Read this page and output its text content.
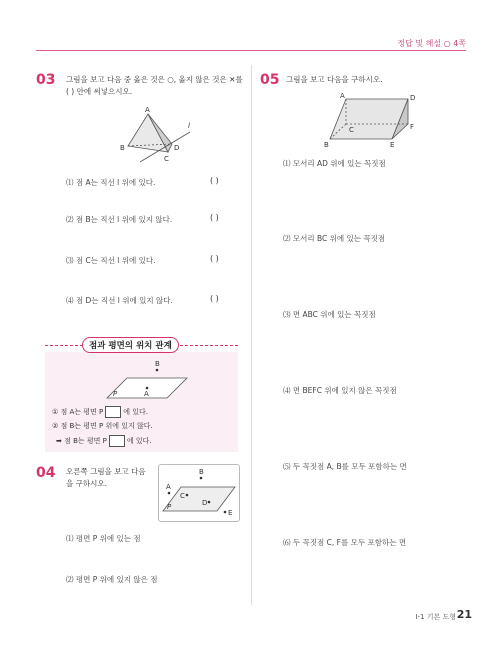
정답 및 해설 ○ 4쪽
03 그림을 보고 다음 중 옳은 것은 ○, 옳지 않은 것은 ✕를
( ) 안에 써넣으시오.
A
B
C
D
l
⑴ 점 A는 직선 l 위에 있다.	( )
⑵ 점 B는 직선 l 위에 있지 않다.	( )
⑶ 점 C는 직선 l 위에 있다.	( )
⑷ 점 D는 직선 l 위에 있지 않다.	( )
점과 평면의 위치 관계
B
A
P
① 점 A는 평면 P	에 있다.
② 점 B는 평면 P 위에 있지 않다.
➡ 점 B는 평면 P	에 있다.
04 오른쪽 그림을 보고 다음
을 구하시오.
B
A
C
D
E
P
⑴ 평면 P 위에 있는 점
⑵ 평면 P 위에 있지 않은 점
05 그림을 보고 다음을 구하시오.
A	D
C	F
B	E
⑴ 모서리 AD 위에 있는 꼭짓점
⑵ 모서리 BC 위에 있는 꼭짓점
⑶ 면 ABC 위에 있는 꼭짓점
⑷ 면 BEFC 위에 있지 않은 꼭짓점
⑸ 두 꼭짓점 A, B를 모두 포함하는 면
⑹ 두 꼭짓점 C, F를 모두 포함하는 면
Ⅰ-1 기본 도형 21
